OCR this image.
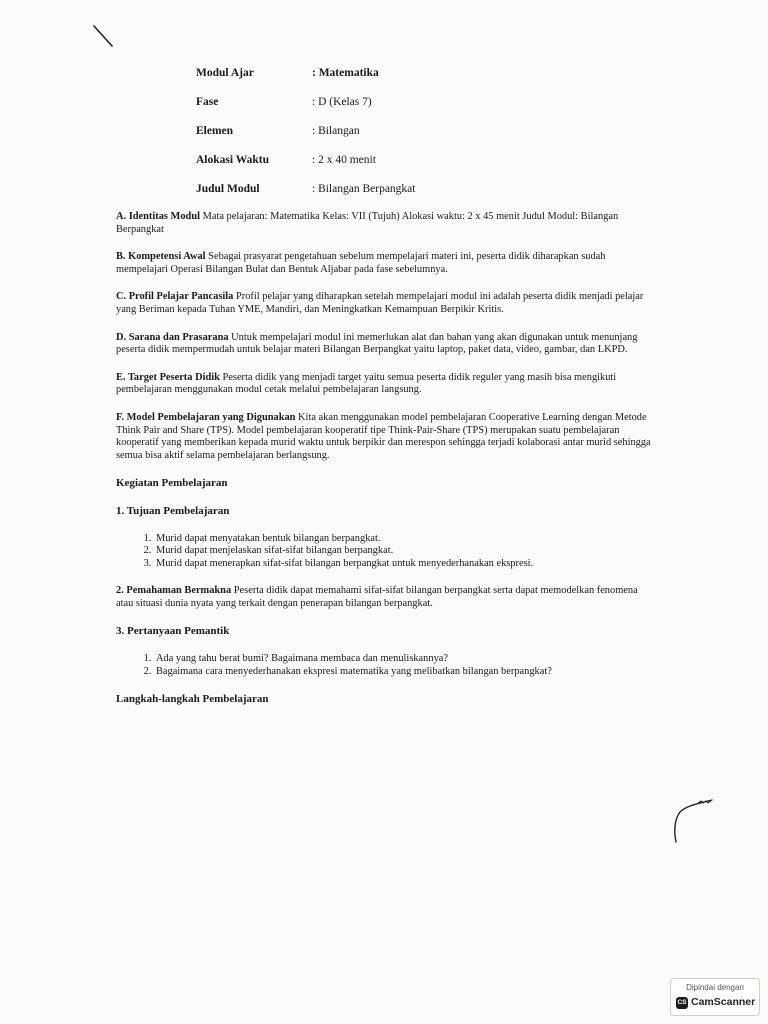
Modul Ajar	: Matematika
Fase	: D (Kelas 7)
Elemen	: Bilangan
Alokasi Waktu	: 2 x 40 menit
Judul Modul	: Bilangan Berpangkat

A. Identitas Modul Mata pelajaran: Matematika Kelas: VII (Tujuh) Alokasi waktu: 2 x 45 menit Judul Modul: Bilangan Berpangkat

B. Kompetensi Awal Sebagai prasyarat pengetahuan sebelum mempelajari materi ini, peserta didik diharapkan sudah mempelajari Operasi Bilangan Bulat dan Bentuk Aljabar pada fase sebelumnya.

C. Profil Pelajar Pancasila Profil pelajar yang diharapkan setelah mempelajari modul ini adalah peserta didik menjadi pelajar yang Beriman kepada Tuhan YME, Mandiri, dan Meningkatkan Kemampuan Berpikir Kritis.

D. Sarana dan Prasarana Untuk mempelajari modul ini memerlukan alat dan bahan yang akan digunakan untuk menunjang peserta didik mempermudah untuk belajar materi Bilangan Berpangkat yaitu laptop, paket data, video, gambar, dan LKPD.

E. Target Peserta Didik Peserta didik yang menjadi target yaitu semua peserta didik reguler yang masih bisa mengikuti pembelajaran menggunakan modul cetak melalui pembelajaran langsung.

F. Model Pembelajaran yang Digunakan Kita akan menggunakan model pembelajaran Cooperative Learning dengan Metode Think Pair and Share (TPS). Model pembelajaran kooperatif tipe Think-Pair-Share (TPS) merupakan suatu pembelajaran kooperatif yang memberikan kepada murid waktu untuk berpikir dan merespon sehingga terjadi kolaborasi antar murid sehingga semua bisa aktif selama pembelajaran berlangsung.

Kegiatan Pembelajaran
1. Tujuan Pembelajaran
1. Murid dapat menyatakan bentuk bilangan berpangkat.
2. Murid dapat menjelaskan sifat-sifat bilangan berpangkat.
3. Murid dapat menerapkan sifat-sifat bilangan berpangkat untuk menyederhanakan ekspresi.

2. Pemahaman Bermakna Peserta didik dapat memahami sifat-sifat bilangan berpangkat serta dapat memodelkan fenomena atau situasi dunia nyata yang terkait dengan penerapan bilangan berpangkat.

3. Pertanyaan Pemantik
1. Ada yang tahu berat bumi? Bagaimana membaca dan menuliskannya?
2. Bagaimana cara menyederhanakan ekspresi matematika yang melibatkan bilangan berpangkat?
Langkah-langkah Pembelajaran
Dipindai dengan
CS CamScanner
